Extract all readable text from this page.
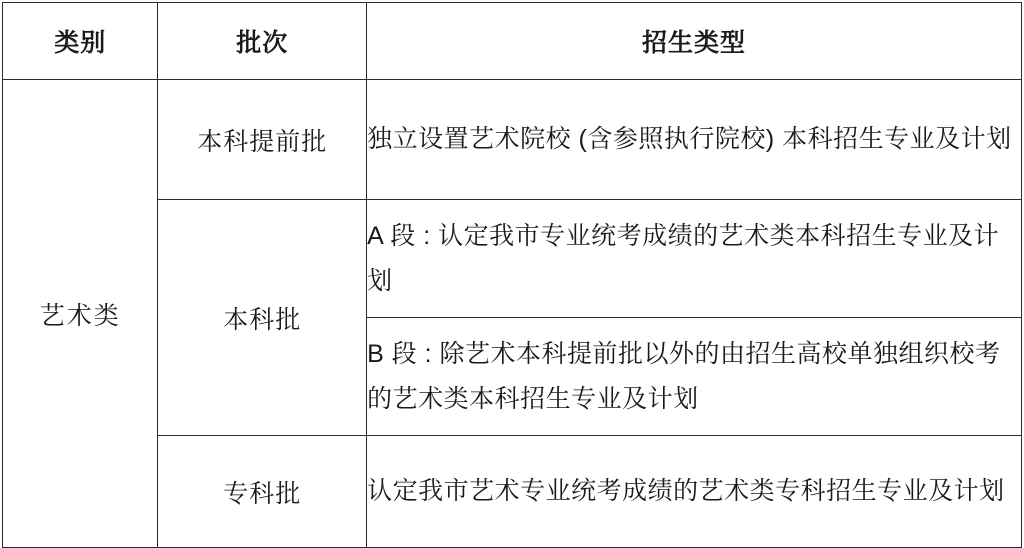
类别	批次	招生类型
艺术类	本科提前批	独立设置艺术院校 (含参照执行院校) 本科招生专业及计划
	本科批	A 段 : 认定我市专业统考成绩的艺术类本科招生专业及计划
		B 段 : 除艺术本科提前批以外的由招生高校单独组织校考的艺术类本科招生专业及计划
	专科批	认定我市艺术专业统考成绩的艺术类专科招生专业及计划
